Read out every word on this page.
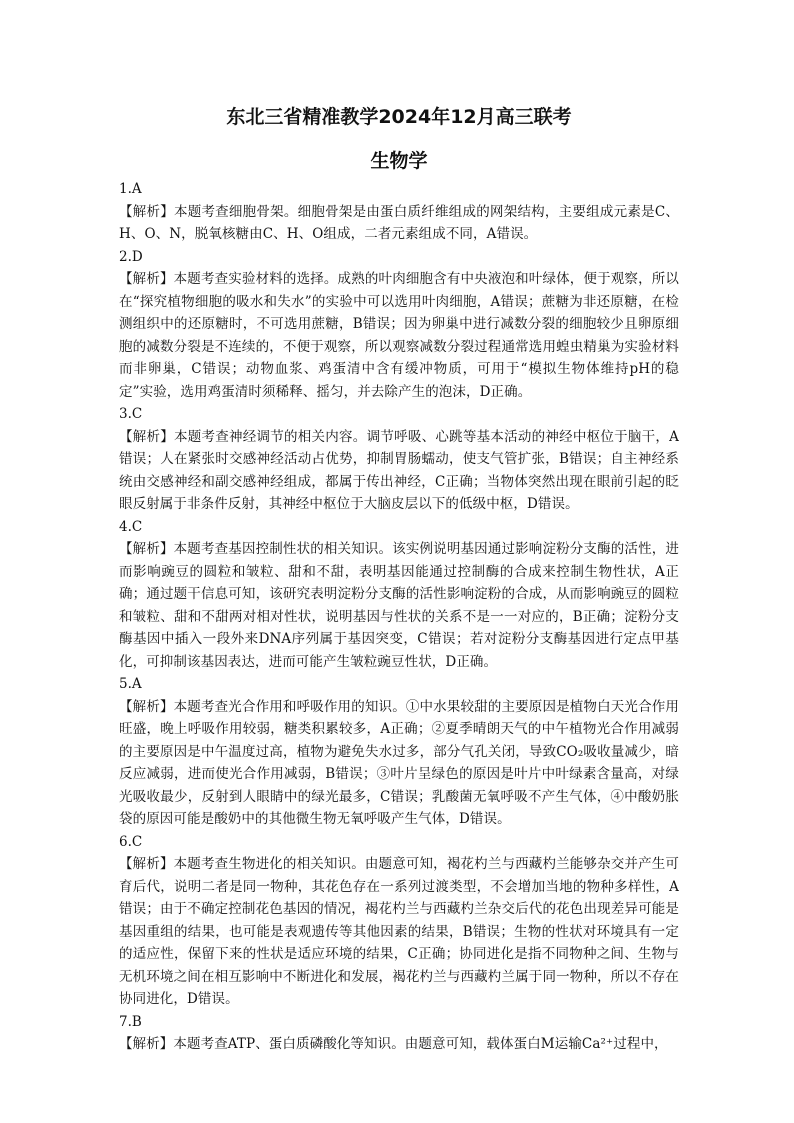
东北三省精准教学2024年12月高三联考
生物学

1.A

【解析】本题考查细胞骨架。细胞骨架是由蛋白质纤维组成的网架结构，主要组成元素是C、H、O、N，脱氧核糖由C、H、O组成，二者元素组成不同，A错误。

2.D

【解析】本题考查实验材料的选择。成熟的叶肉细胞含有中央液泡和叶绿体，便于观察，所以在“探究植物细胞的吸水和失水”的实验中可以选用叶肉细胞，A错误；蔗糖为非还原糖，在检测组织中的还原糖时，不可选用蔗糖，B错误；因为卵巢中进行减数分裂的细胞较少且卵原细胞的减数分裂是不连续的，不便于观察，所以观察减数分裂过程通常选用蝗虫精巢为实验材料而非卵巢，C错误；动物血浆、鸡蛋清中含有缓冲物质，可用于“模拟生物体维持pH的稳定”实验，选用鸡蛋清时须稀释、摇匀，并去除产生的泡沫，D正确。

3.C

【解析】本题考查神经调节的相关内容。调节呼吸、心跳等基本活动的神经中枢位于脑干，A错误；人在紧张时交感神经活动占优势，抑制胃肠蠕动，使支气管扩张，B错误；自主神经系统由交感神经和副交感神经组成，都属于传出神经，C正确；当物体突然出现在眼前引起的眨眼反射属于非条件反射，其神经中枢位于大脑皮层以下的低级中枢，D错误。

4.C

【解析】本题考查基因控制性状的相关知识。该实例说明基因通过影响淀粉分支酶的活性，进而影响豌豆的圆粒和皱粒、甜和不甜，表明基因能通过控制酶的合成来控制生物性状，A正确；通过题干信息可知，该研究表明淀粉分支酶的活性影响淀粉的合成，从而影响豌豆的圆粒和皱粒、甜和不甜两对相对性状，说明基因与性状的关系不是一一对应的，B正确；淀粉分支酶基因中插入一段外来DNA序列属于基因突变，C错误；若对淀粉分支酶基因进行定点甲基化，可抑制该基因表达，进而可能产生皱粒豌豆性状，D正确。

5.A

【解析】本题考查光合作用和呼吸作用的知识。①中水果较甜的主要原因是植物白天光合作用旺盛，晚上呼吸作用较弱，糖类积累较多，A正确；②夏季晴朗天气的中午植物光合作用减弱的主要原因是中午温度过高，植物为避免失水过多，部分气孔关闭，导致CO₂吸收量减少，暗反应减弱，进而使光合作用减弱，B错误；③叶片呈绿色的原因是叶片中叶绿素含量高，对绿光吸收最少，反射到人眼睛中的绿光最多，C错误；乳酸菌无氧呼吸不产生气体，④中酸奶胀袋的原因可能是酸奶中的其他微生物无氧呼吸产生气体，D错误。

6.C

【解析】本题考查生物进化的相关知识。由题意可知，褐花杓兰与西藏杓兰能够杂交并产生可育后代，说明二者是同一物种，其花色存在一系列过渡类型，不会增加当地的物种多样性，A错误；由于不确定控制花色基因的情况，褐花杓兰与西藏杓兰杂交后代的花色出现差异可能是基因重组的结果，也可能是表观遗传等其他因素的结果，B错误；生物的性状对环境具有一定的适应性，保留下来的性状是适应环境的结果，C正确；协同进化是指不同物种之间、生物与无机环境之间在相互影响中不断进化和发展，褐花杓兰与西藏杓兰属于同一物种，所以不存在协同进化，D错误。

7.B

【解析】本题考查ATP、蛋白质磷酸化等知识。由题意可知，载体蛋白M运输Ca²⁺过程中，
